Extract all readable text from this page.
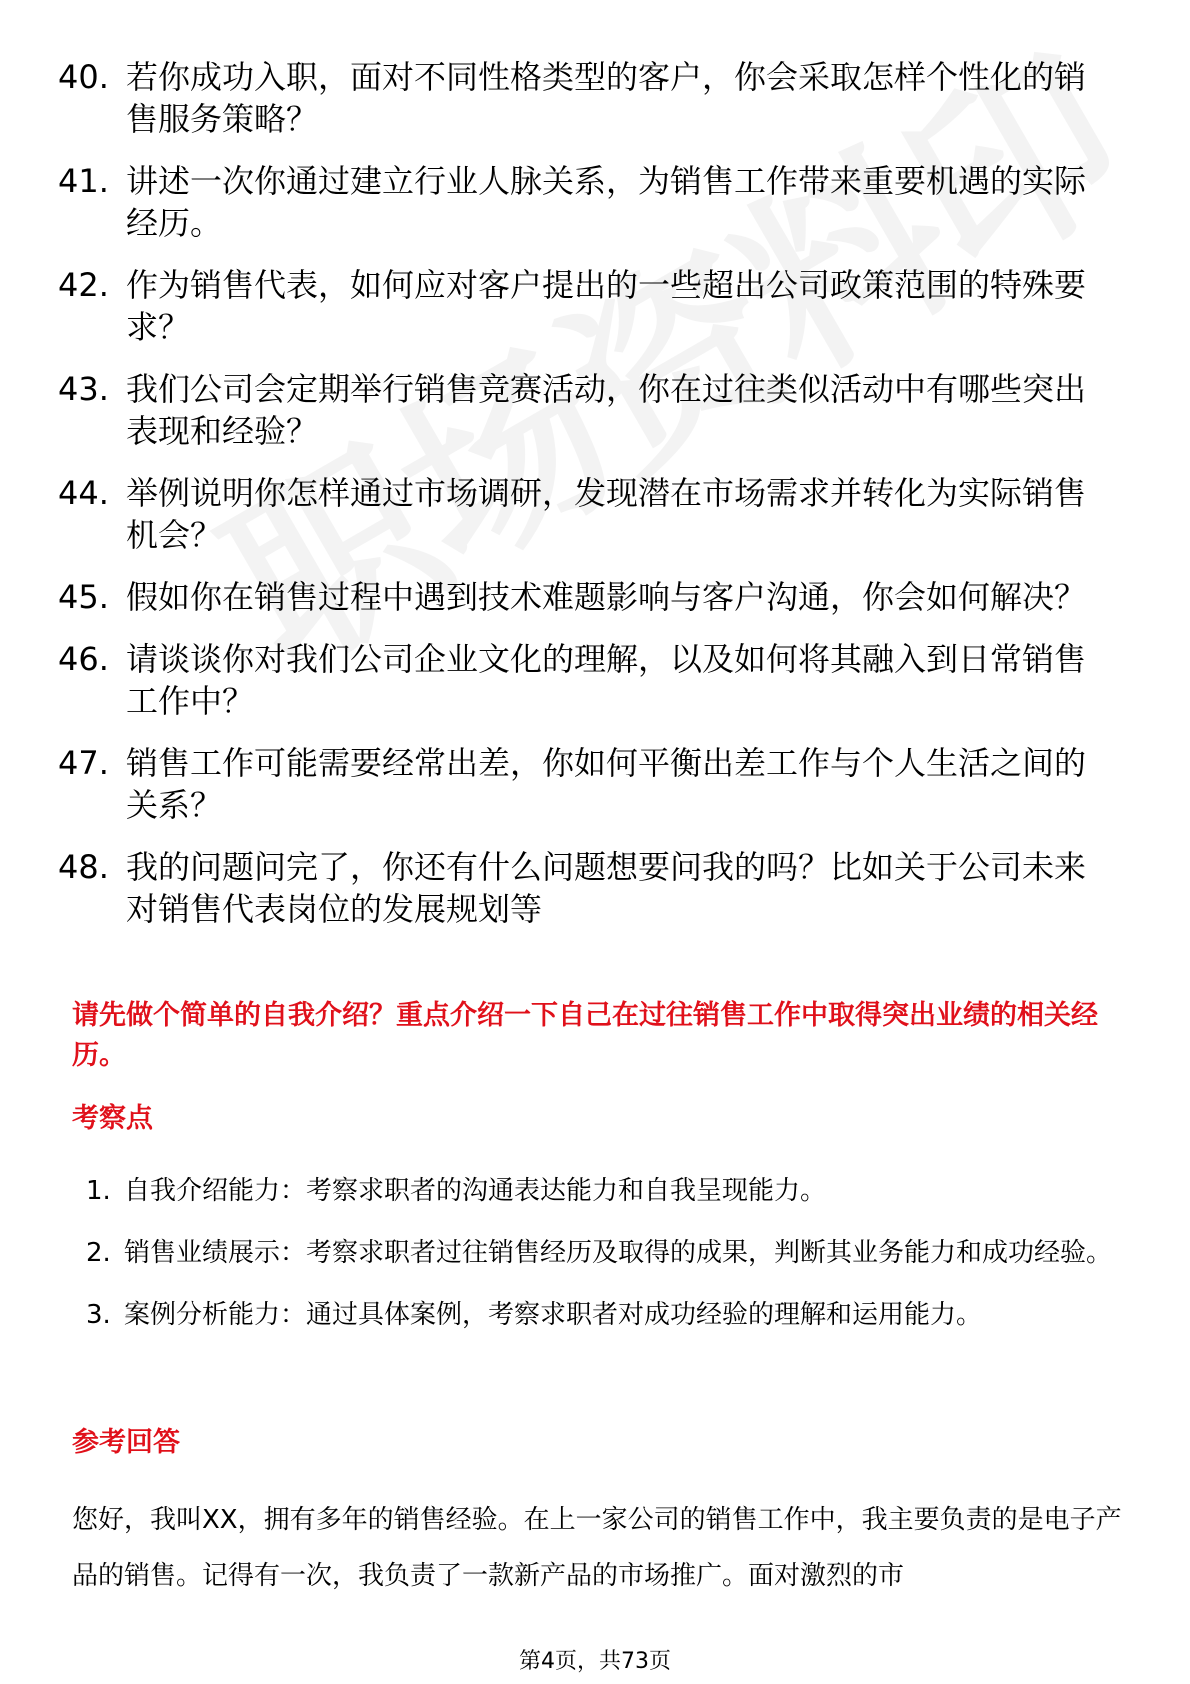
40. 若你成功入职，面对不同性格类型的客户，你会采取怎样个性化的销售服务策略？
41. 讲述一次你通过建立行业人脉关系，为销售工作带来重要机遇的实际经历。
42. 作为销售代表，如何应对客户提出的一些超出公司政策范围的特殊要求？
43. 我们公司会定期举行销售竞赛活动，你在过往类似活动中有哪些突出表现和经验？
44. 举例说明你怎样通过市场调研，发现潜在市场需求并转化为实际销售机会？
45. 假如你在销售过程中遇到技术难题影响与客户沟通，你会如何解决？
46. 请谈谈你对我们公司企业文化的理解，以及如何将其融入到日常销售工作中？
47. 销售工作可能需要经常出差，你如何平衡出差工作与个人生活之间的关系？
48. 我的问题问完了，你还有什么问题想要问我的吗？比如关于公司未来对销售代表岗位的发展规划等
请先做个简单的自我介绍？重点介绍一下自己在过往销售工作中取得突出业绩的相关经历。
考察点
1. 自我介绍能力：考察求职者的沟通表达能力和自我呈现能力。
2. 销售业绩展示：考察求职者过往销售经历及取得的成果，判断其业务能力和成功经验。
3. 案例分析能力：通过具体案例，考察求职者对成功经验的理解和运用能力。
参考回答
您好，我叫XX，拥有多年的销售经验。在上一家公司的销售工作中，我主要负责的是电子产品的销售。记得有一次，我负责了一款新产品的市场推广。面对激烈的市
第4页，共73页
